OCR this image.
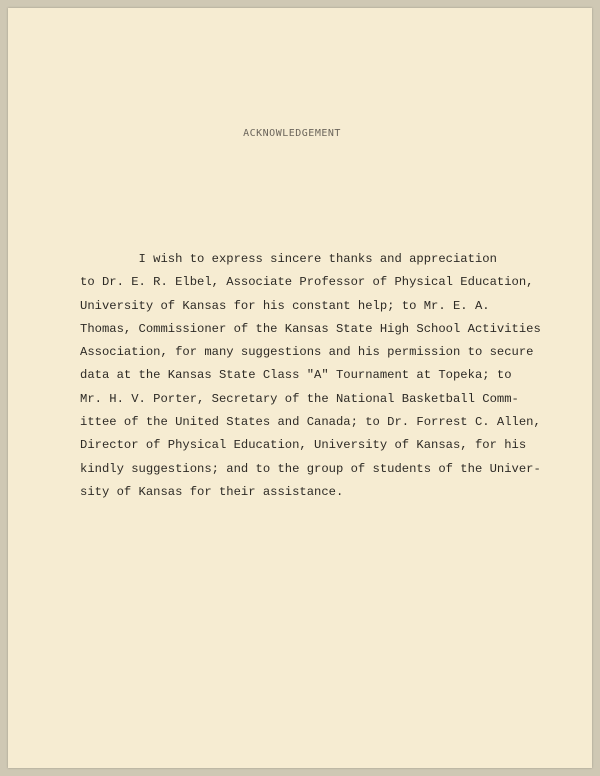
ACKNOWLEDGEMENT
I wish to express sincere thanks and appreciation
to Dr. E. R. Elbel, Associate Professor of Physical Education,
University of Kansas for his constant help; to Mr. E. A.
Thomas, Commissioner of the Kansas State High School Activities
Association, for many suggestions and his permission to secure
data at the Kansas State Class "A" Tournament at Topeka; to
Mr. H. V. Porter, Secretary of the National Basketball Comm-
ittee of the United States and Canada; to Dr. Forrest C. Allen,
Director of Physical Education, University of Kansas, for his
kindly suggestions; and to the group of students of the Univer-
sity of Kansas for their assistance.
